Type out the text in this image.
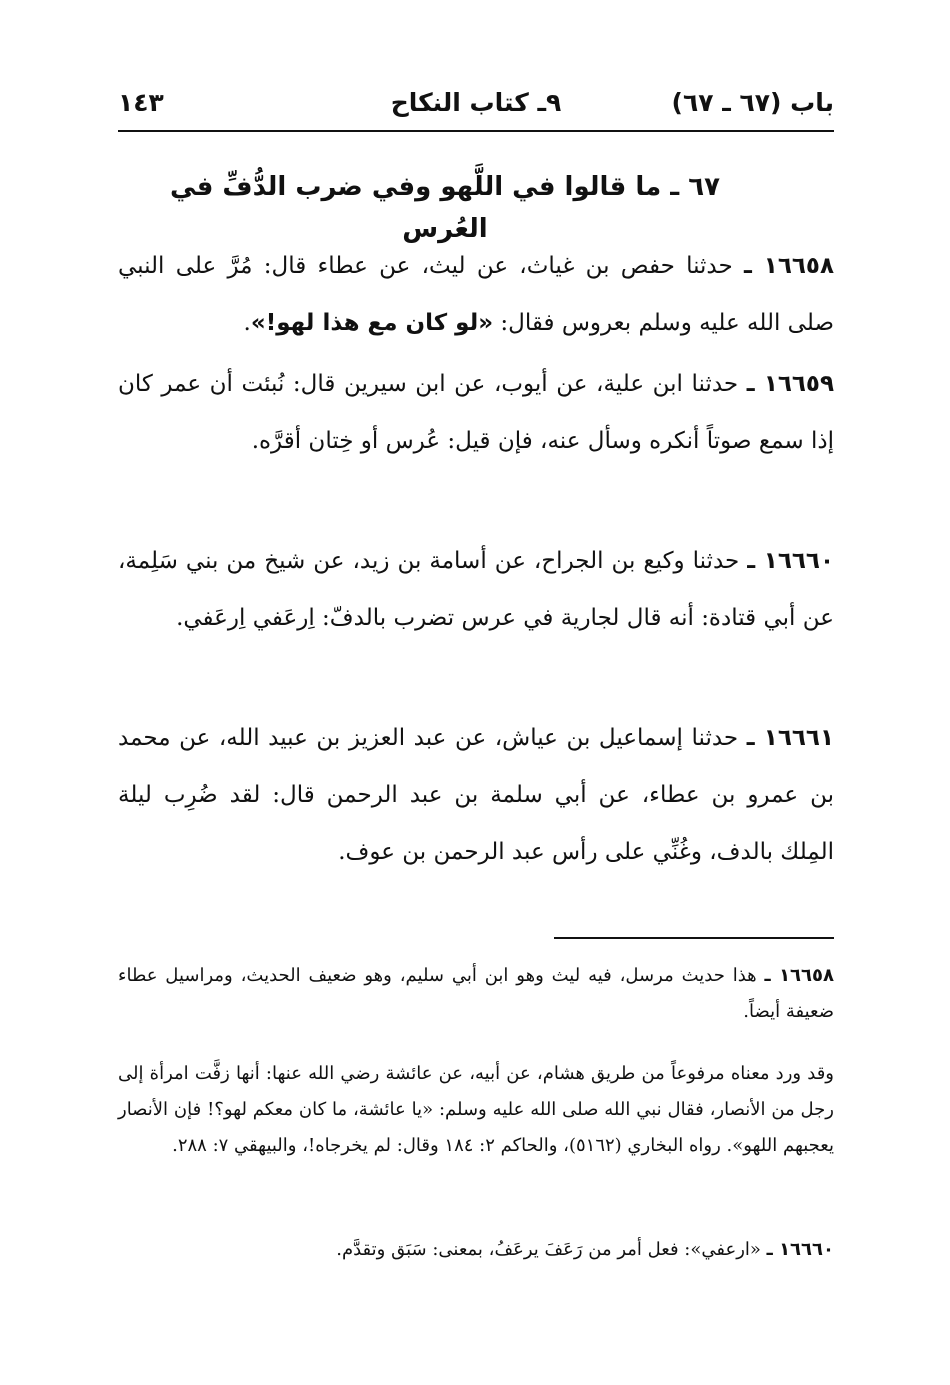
باب (٦٧ ـ ٦٧)
٩ـ كتاب النكاح
١٤٣
٦٧ ـ ما قالوا في اللَّهو وفي ضرب الدُّفِّ في العُرس
١٦٦٥٨ ـ حدثنا حفص بن غياث، عن ليث، عن عطاء قال: مُرَّ على النبي صلى الله عليه وسلم بعروس فقال: «لو كان مع هذا لهو!».
١٦٦٥٩ ـ حدثنا ابن علية، عن أيوب، عن ابن سيرين قال: نُبئت أن عمر كان إذا سمع صوتاً أنكره وسأل عنه، فإن قيل: عُرس أو خِتان أقرَّه.
١٦٦٦٠ ـ حدثنا وكيع بن الجراح، عن أسامة بن زيد، عن شيخ من بني سَلِمة، عن أبي قتادة: أنه قال لجارية في عرس تضرب بالدفّ: اِرعَفي اِرعَفي.
١٦٦٦١ ـ حدثنا إسماعيل بن عياش، عن عبد العزيز بن عبيد الله، عن محمد بن عمرو بن عطاء، عن أبي سلمة بن عبد الرحمن قال: لقد ضُرِب ليلة المِلك بالدف، وغُنِّي على رأس عبد الرحمن بن عوف.
١٦٦٥٨ ـ هذا حديث مرسل، فيه ليث وهو ابن أبي سليم، وهو ضعيف الحديث، ومراسيل عطاء ضعيفة أيضاً.
وقد ورد معناه مرفوعاً من طريق هشام، عن أبيه، عن عائشة رضي الله عنها: أنها زفَّت امرأة إلى رجل من الأنصار، فقال نبي الله صلى الله عليه وسلم: «يا عائشة، ما كان معكم لهو؟! فإن الأنصار يعجبهم اللهو». رواه البخاري (٥١٦٢)، والحاكم ٢: ١٨٤ وقال: لم يخرجاه!، والبيهقي ٧: ٢٨٨.
١٦٦٦٠ ـ «ارعفي»: فعل أمر من رَعَفَ يرعَفُ، بمعنى: سَبَق وتقدَّم.
